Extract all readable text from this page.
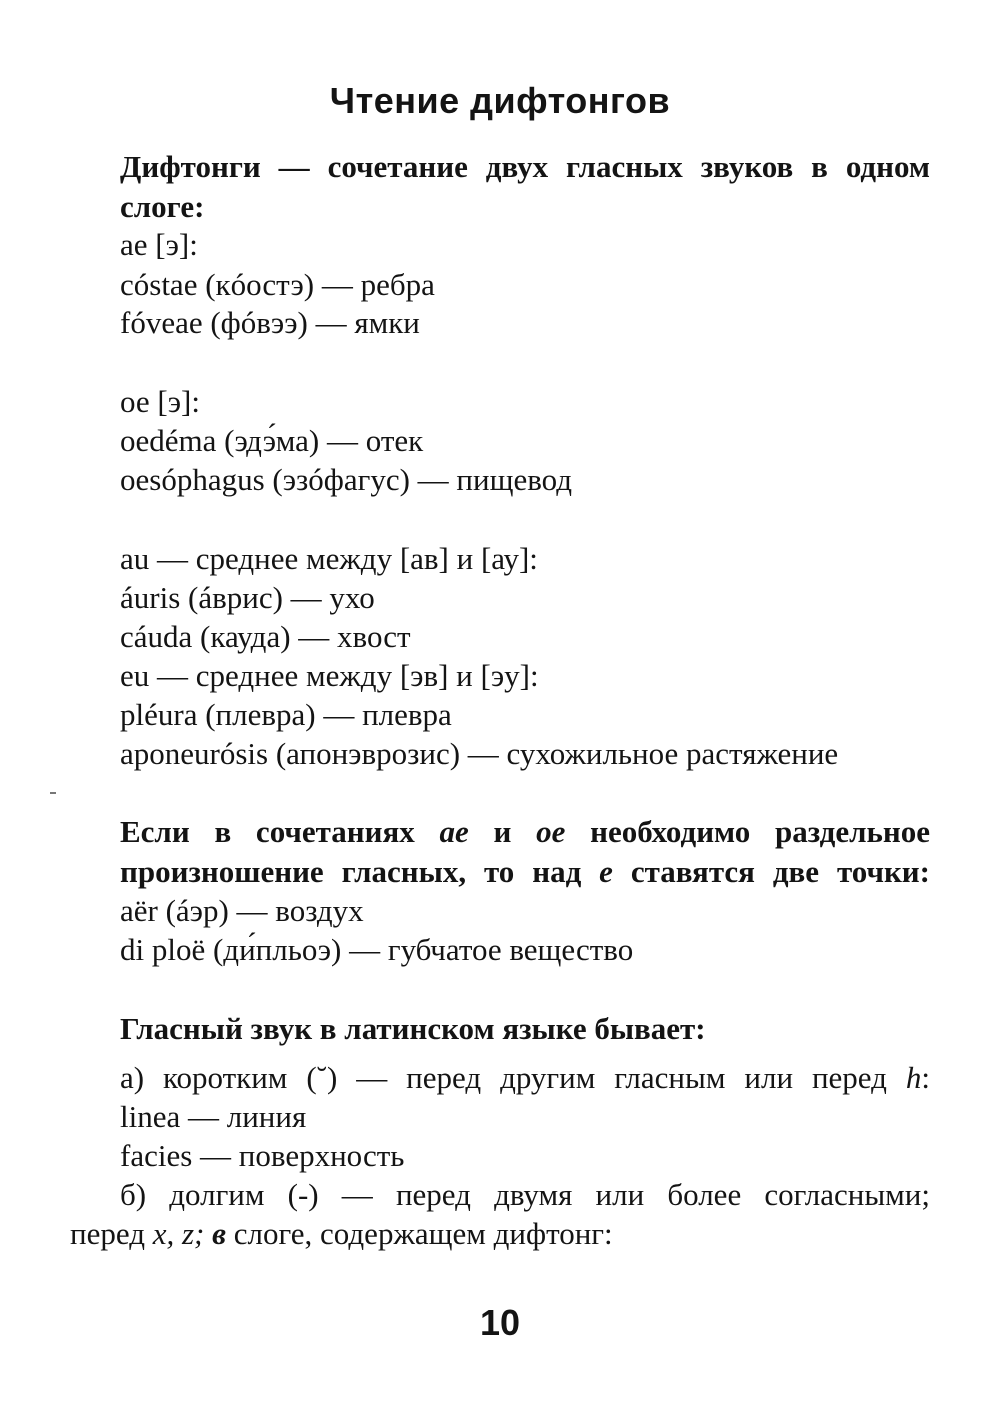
Чтение дифтонгов

Дифтонги — сочетание двух гласных звуков в одном

слоге:

ае [э]:

cóstae (кóостэ) — ребра

fóveae (фóвээ) — ямки

ое [э]:

oedéma (эдэ́ма) — отек

oesóphagus (эзóфагус) — пищевод

au — среднее между [ав] и [ау]:

áuris (áврис) — ухо

cáuda (кауда) — хвост

eu — среднее между [эв] и [эу]:

pléura (плевра) — плевра

aponeurósis (апонэврозис) — сухожильное растяжение

Если в сочетаниях ae и oe необходимо раздельное

произношение гласных, то над e ставятся две точки:

aër (áэр) — воздух

di ploë (ди́пльоэ) — губчатое вещество

Гласный звук в латинском языке бывает:

а) коротким (˘) — перед другим гласным или перед h:

linea — линия

facies — поверхность

б) долгим (-) — перед двумя или более согласными;

перед x, z; в слоге, содержащем дифтонг:

10
